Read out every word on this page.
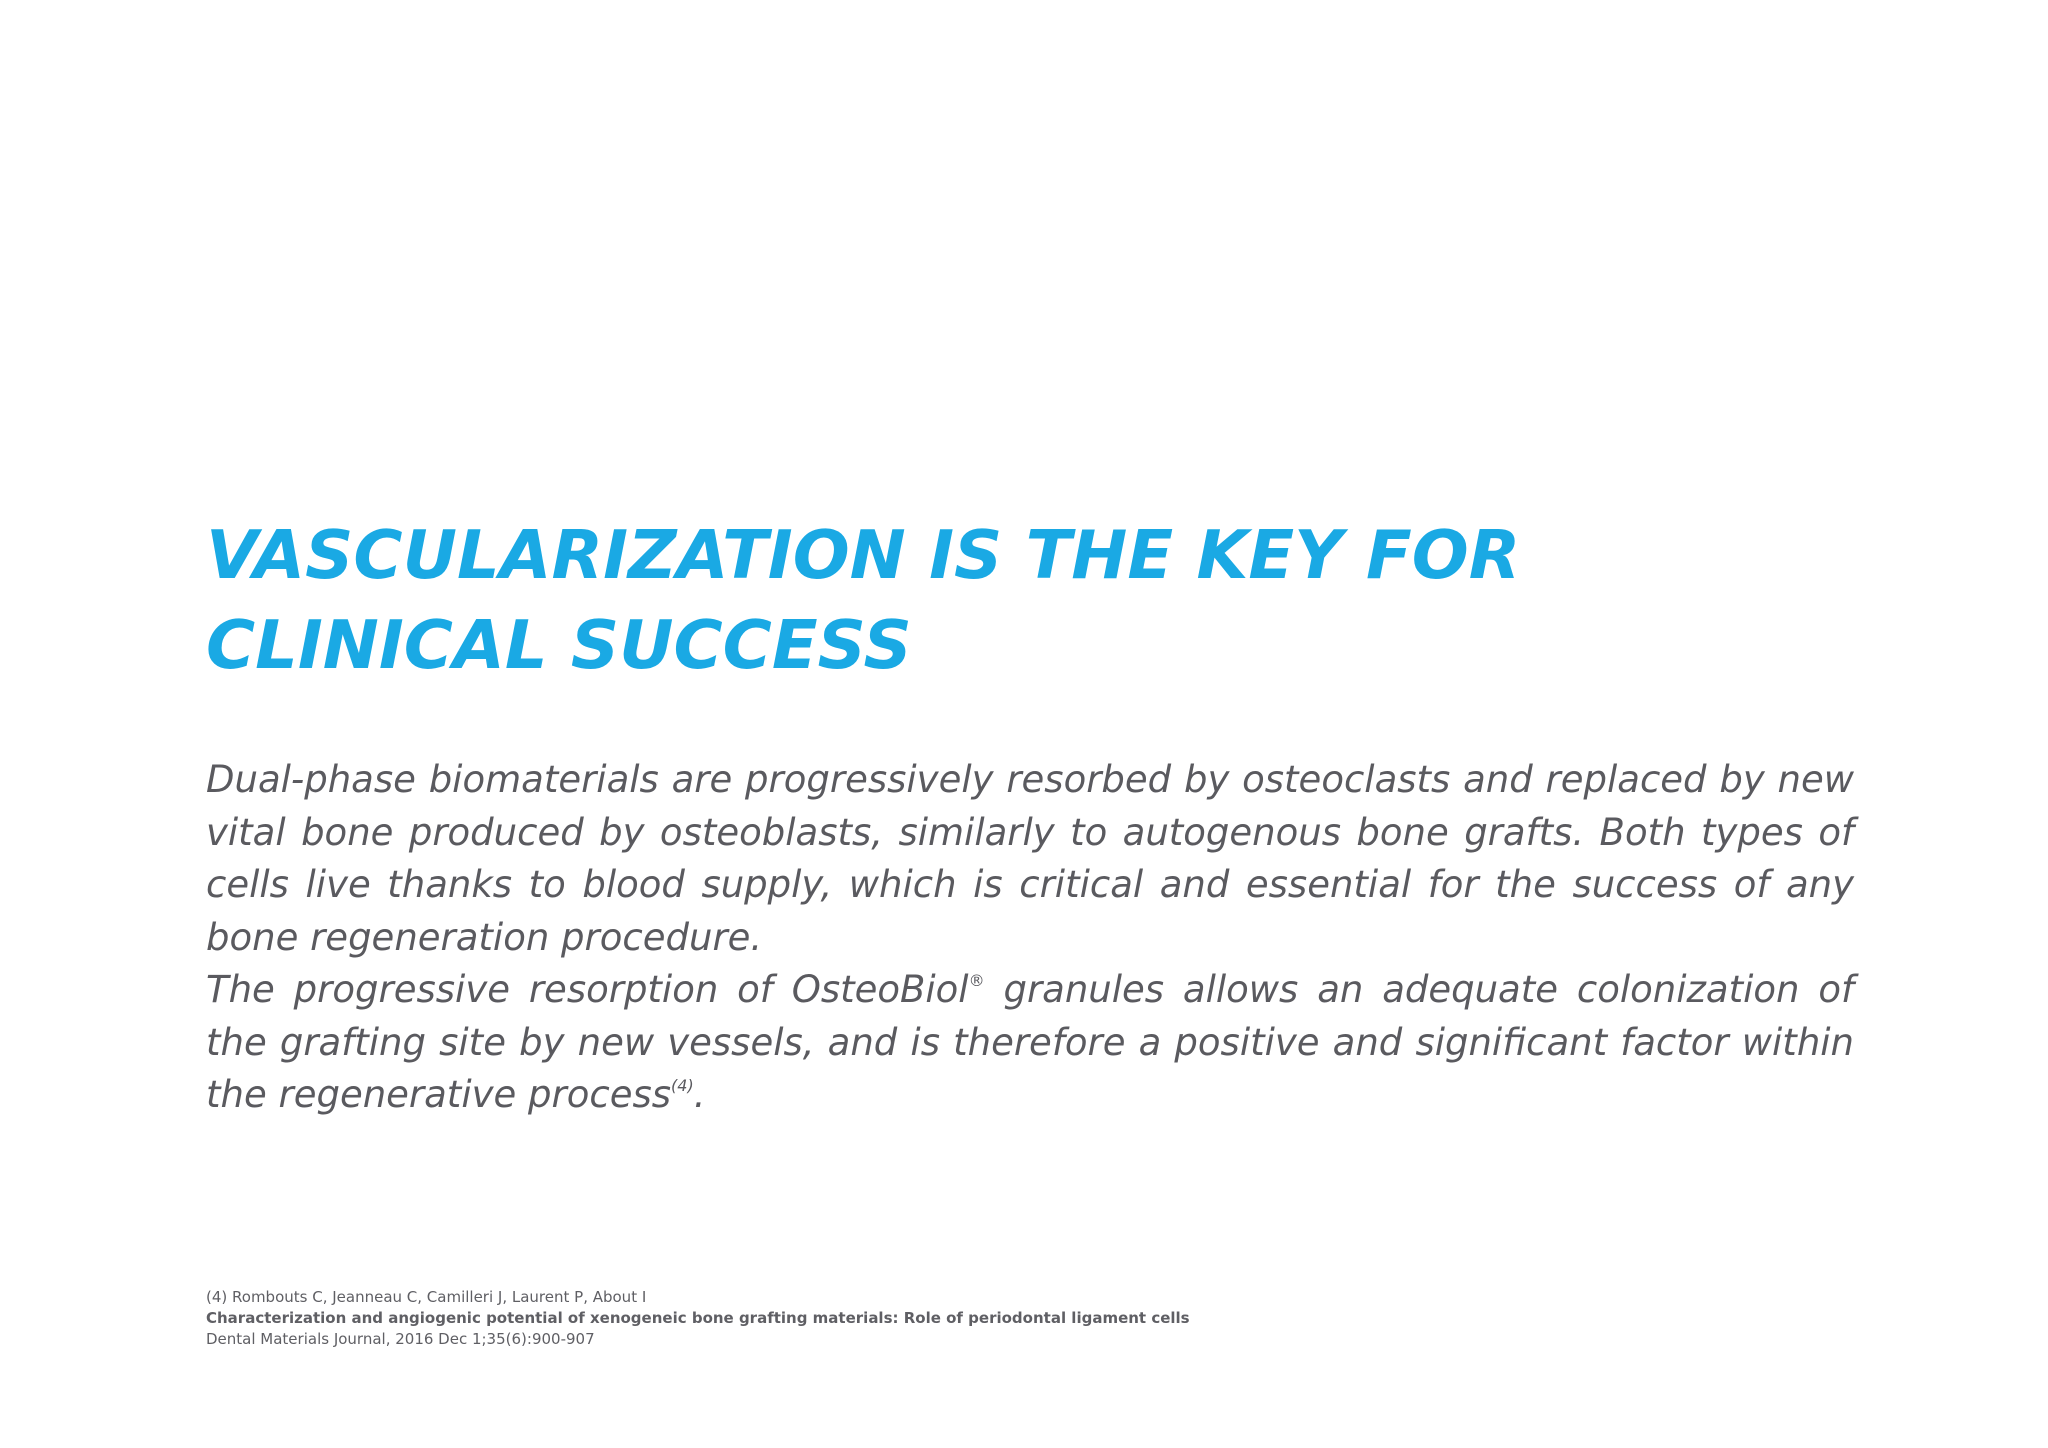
VASCULARIZATION IS THE KEY FOR CLINICAL SUCCESS

Dual-phase biomaterials are progressively resorbed by osteoclasts and replaced by new vital bone produced by osteoblasts, similarly to autogenous bone grafts. Both types of cells live thanks to blood supply, which is critical and essential for the success of any bone regeneration procedure.

The progressive resorption of OsteoBiol® granules allows an adequate colonization of the grafting site by new vessels, and is therefore a positive and significant factor within the regenerative process$^{(4)}$.

(4) Rombouts C, Jeanneau C, Camilleri J, Laurent P, About I
Characterization and angiogenic potential of xenogeneic bone grafting materials: Role of periodontal ligament cells
Dental Materials Journal, 2016 Dec 1;35(6):900-907
